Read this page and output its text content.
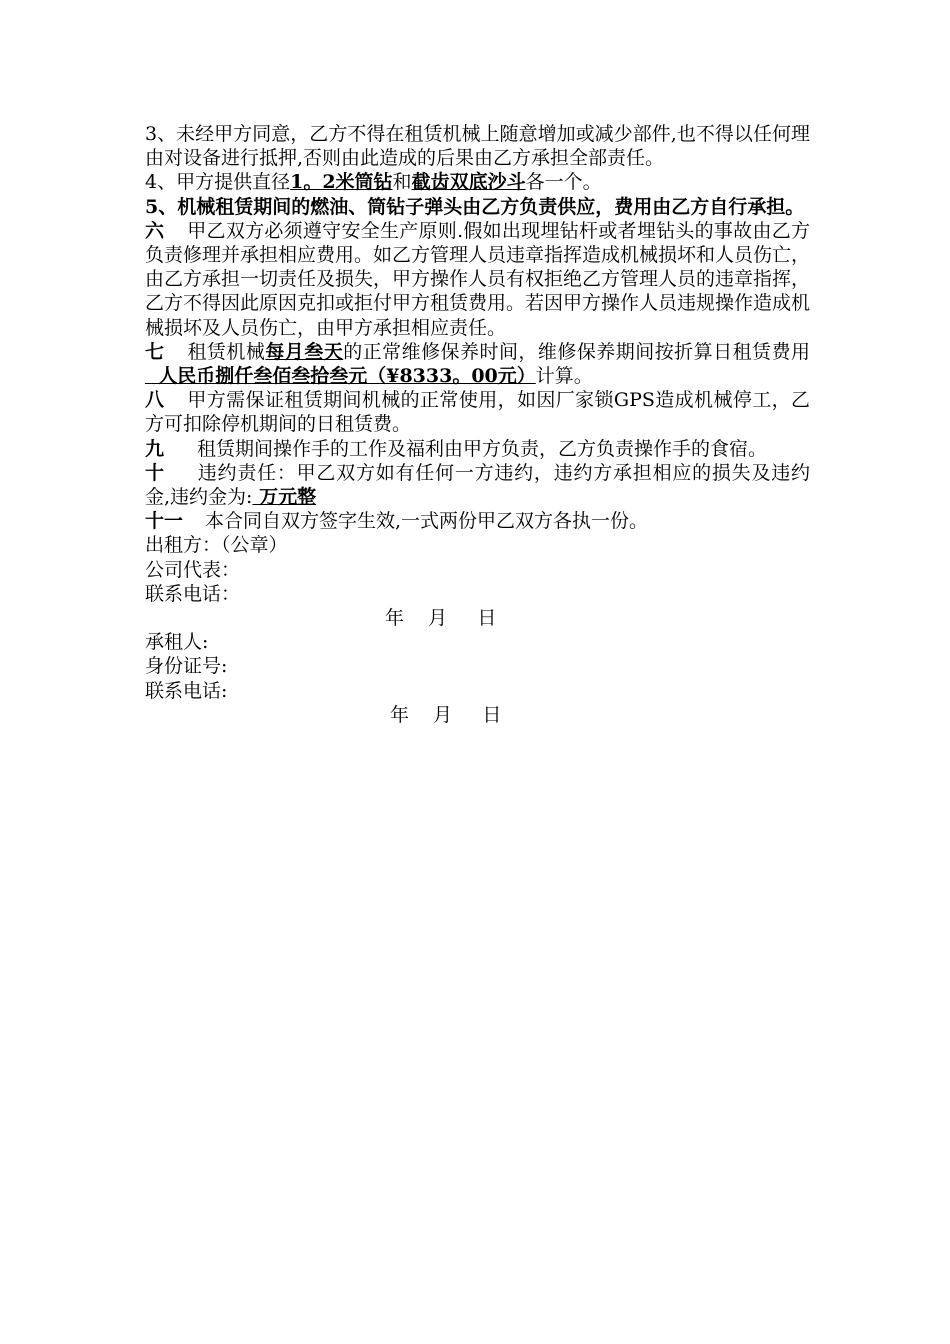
3、未经甲方同意，乙方不得在租赁机械上随意增加或减少部件,也不得以任何理由对设备进行抵押,否则由此造成的后果由乙方承担全部责任。

4、甲方提供直径1。2米筒钻和截齿双底沙斗各一个。

5、机械租赁期间的燃油、筒钻子弹头由乙方负责供应，费用由乙方自行承担。

六 甲乙双方必须遵守安全生产原则.假如出现埋钻杆或者埋钻头的事故由乙方负责修理并承担相应费用。如乙方管理人员违章指挥造成机械损坏和人员伤亡，由乙方承担一切责任及损失，甲方操作人员有权拒绝乙方管理人员的违章指挥，乙方不得因此原因克扣或拒付甲方租赁费用。若因甲方操作人员违规操作造成机械损坏及人员伤亡，由甲方承担相应责任。

七 租赁机械每月叁天的正常维修保养时间，维修保养期间按折算日租赁费用  人民币捌仟叁佰叁拾叁元（¥8333。00元）计算。

八 甲方需保证租赁期间机械的正常使用，如因厂家锁GPS造成机械停工，乙方可扣除停机期间的日租赁费。

九 租赁期间操作手的工作及福利由甲方负责，乙方负责操作手的食宿。

十 违约责任：甲乙双方如有任何一方违约，违约方承担相应的损失及违约金,违约金为: 万元整

十一 本合同自双方签字生效,一式两份甲乙双方各执一份。

出租方：（公章）

公司代表：

联系电话：

年    月     日

承租人:

身份证号:

联系电话:

年    月     日
